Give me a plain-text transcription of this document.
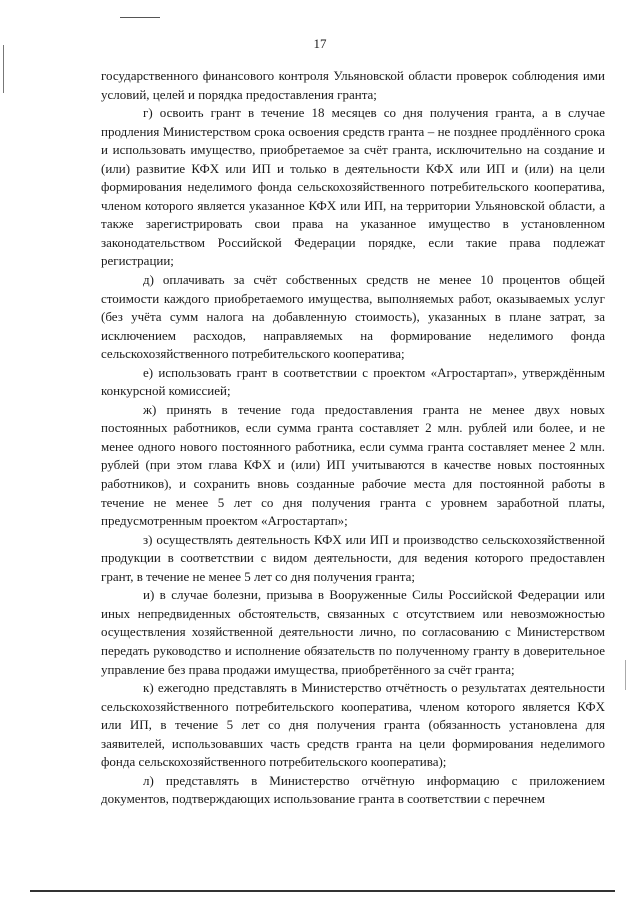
17

государственного финансового контроля Ульяновской области проверок соблюдения ими условий, целей и порядка предоставления гранта;

г) освоить грант в течение 18 месяцев со дня получения гранта, а в случае продления Министерством срока освоения средств гранта – не позднее продлённого срока и использовать имущество, приобретаемое за счёт гранта, исключительно на создание и (или) развитие КФХ или ИП и только в деятельности КФХ или ИП и (или) на цели формирования неделимого фонда сельскохозяйственного потребительского кооператива, членом которого является указанное КФХ или ИП, на территории Ульяновской области, а также зарегистрировать свои права на указанное имущество в установленном законодательством Российской Федерации порядке, если такие права подлежат регистрации;

д) оплачивать за счёт собственных средств не менее 10 процентов общей стоимости каждого приобретаемого имущества, выполняемых работ, оказываемых услуг (без учёта сумм налога на добавленную стоимость), указанных в плане затрат, за исключением расходов, направляемых на формирование неделимого фонда сельскохозяйственного потребительского кооператива;

е) использовать грант в соответствии с проектом «Агростартап», утверждённым конкурсной комиссией;

ж) принять в течение года предоставления гранта не менее двух новых постоянных работников, если сумма гранта составляет 2 млн. рублей или более, и не менее одного нового постоянного работника, если сумма гранта составляет менее 2 млн. рублей (при этом глава КФХ и (или) ИП учитываются в качестве новых постоянных работников), и сохранить вновь созданные рабочие места для постоянной работы в течение не менее 5 лет со дня получения гранта с уровнем заработной платы, предусмотренным проектом «Агростартап»;

з) осуществлять деятельность КФХ или ИП и производство сельскохозяйственной продукции в соответствии с видом деятельности, для ведения которого предоставлен грант, в течение не менее 5 лет со дня получения гранта;

и) в случае болезни, призыва в Вооруженные Силы Российской Федерации или иных непредвиденных обстоятельств, связанных с отсутствием или невозможностью осуществления хозяйственной деятельности лично, по согласованию с Министерством передать руководство и исполнение обязательств по полученному гранту в доверительное управление без права продажи имущества, приобретённого за счёт гранта;

к) ежегодно представлять в Министерство отчётность о результатах деятельности сельскохозяйственного потребительского кооператива, членом которого является КФХ или ИП, в течение 5 лет со дня получения гранта (обязанность установлена для заявителей, использовавших часть средств гранта на цели формирования неделимого фонда сельскохозяйственного потребительского кооператива);

л) представлять в Министерство отчётную информацию с приложением документов, подтверждающих использование гранта в соответствии с перечнем
